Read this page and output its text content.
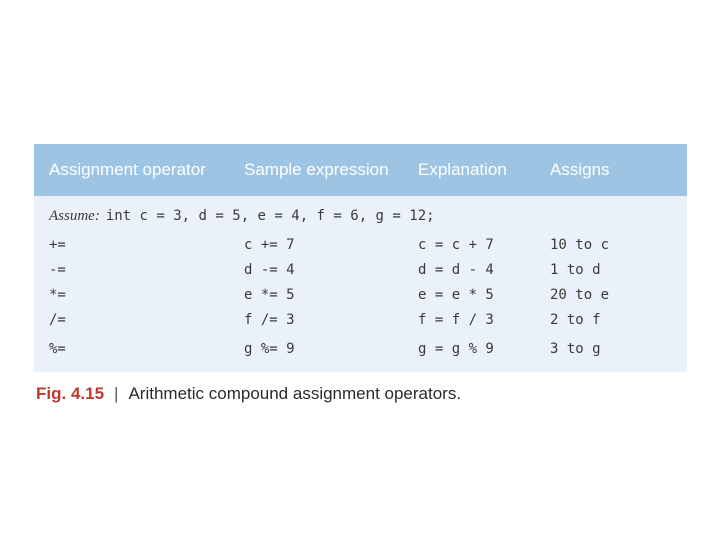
Assignment operator	Sample expression	Explanation	Assigns
Assume: int c = 3, d = 5, e = 4, f = 6, g = 12;			
+=	c += 7	c = c + 7	10 to c
-=	d -= 4	d = d - 4	1 to d
*=	e *= 5	e = e * 5	20 to e
/=	f /= 3	f = f / 3	2 to f
%=	g %= 9	g = g % 9	3 to g
Fig. 4.15 | Arithmetic compound assignment operators.
